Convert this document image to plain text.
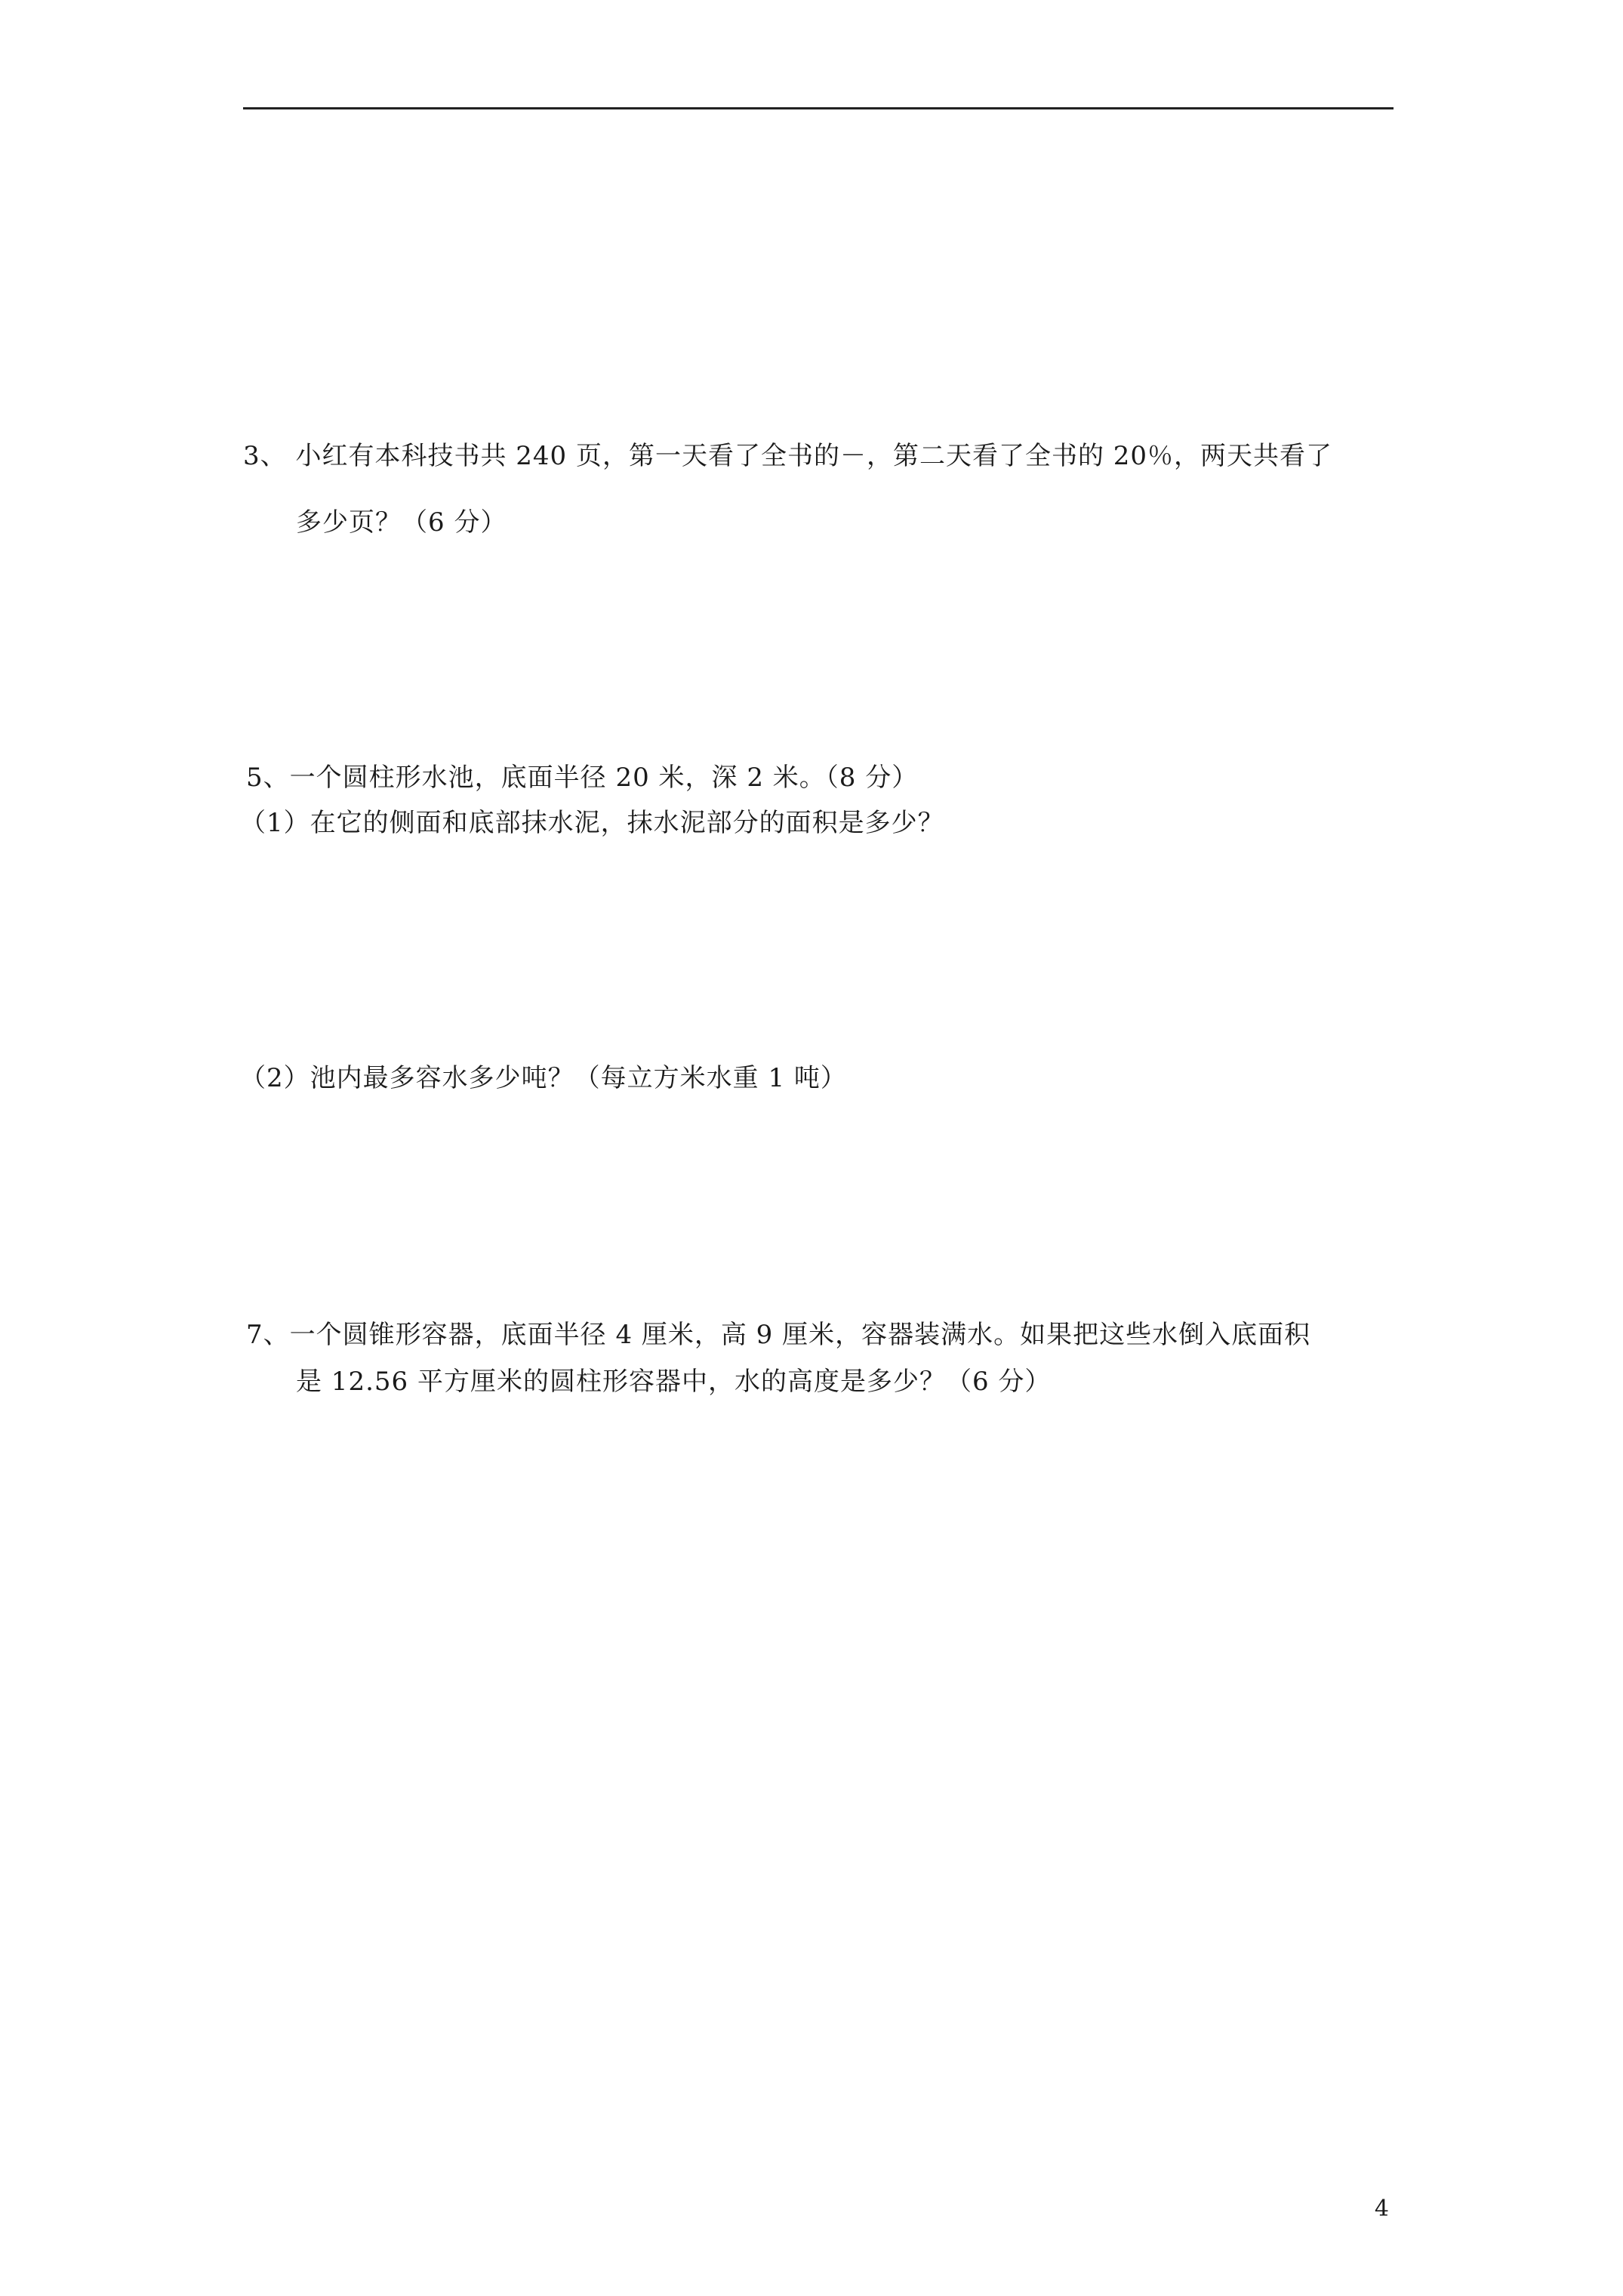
3、 小红有本科技书共 240 页，第一天看了全书的－，第二天看了全书的 20％，两天共看了
多少页？（6 分）
5、一个圆柱形水池，底面半径 20 米，深 2 米。（8 分）
（1）在它的侧面和底部抹水泥，抹水泥部分的面积是多少？
（2）池内最多容水多少吨？（每立方米水重 1 吨）
7、一个圆锥形容器，底面半径 4 厘米，高 9 厘米，容器装满水。如果把这些水倒入底面积
是 12.56 平方厘米的圆柱形容器中，水的高度是多少？（6 分）
4
